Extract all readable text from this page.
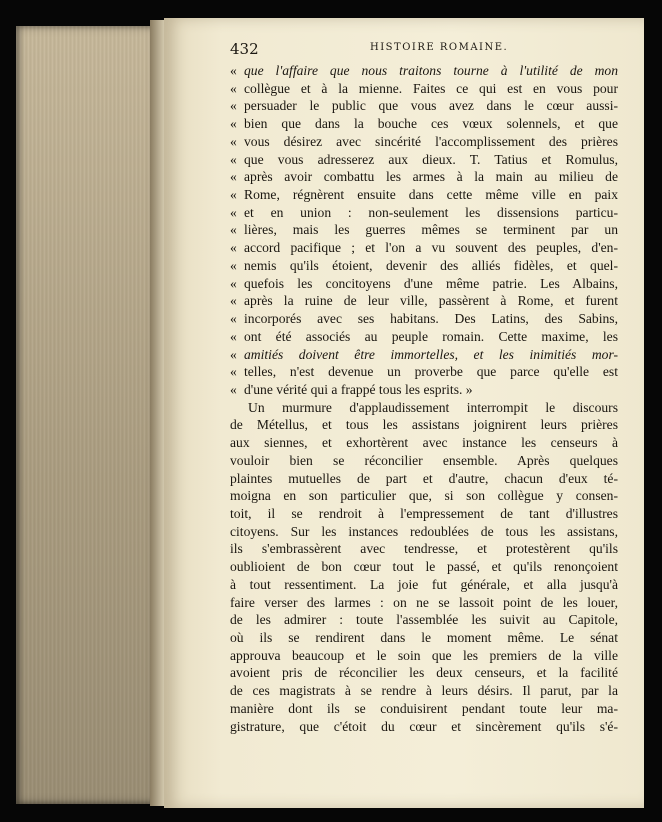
432	HISTOIRE ROMAINE.
« que l'affaire que nous traitons tourne à l'utilité de mon
« collègue et à la mienne. Faites ce qui est en vous pour
« persuader le public que vous avez dans le cœur aussi-
« bien que dans la bouche ces vœux solennels, et que
« vous désirez avec sincérité l'accomplissement des prières
« que vous adresserez aux dieux. T. Tatius et Romulus,
« après avoir combattu les armes à la main au milieu de
« Rome, régnèrent ensuite dans cette même ville en paix
« et en union : non-seulement les dissensions particu-
« lières, mais les guerres mêmes se terminent par un
« accord pacifique ; et l'on a vu souvent des peuples, d'en-
« nemis qu'ils étoient, devenir des alliés fidèles, et quel-
« quefois les concitoyens d'une même patrie. Les Albains,
« après la ruine de leur ville, passèrent à Rome, et furent
« incorporés avec ses habitans. Des Latins, des Sabins,
« ont été associés au peuple romain. Cette maxime, les
« amitiés doivent être immortelles, et les inimitiés mor-
« telles, n'est devenue un proverbe que parce qu'elle est
« d'une vérité qui a frappé tous les esprits. »
Un murmure d'applaudissement interrompit le discours
de Métellus, et tous les assistans joignirent leurs prières
aux siennes, et exhortèrent avec instance les censeurs à
vouloir bien se réconcilier ensemble. Après quelques
plaintes mutuelles de part et d'autre, chacun d'eux té-
moigna en son particulier que, si son collègue y consen-
toit, il se rendroit à l'empressement de tant d'illustres
citoyens. Sur les instances redoublées de tous les assistans,
ils s'embrassèrent avec tendresse, et protestèrent qu'ils
oublioient de bon cœur tout le passé, et qu'ils renonçoient
à tout ressentiment. La joie fut générale, et alla jusqu'à
faire verser des larmes : on ne se lassoit point de les louer,
de les admirer : toute l'assemblée les suivit au Capitole,
où ils se rendirent dans le moment même. Le sénat
approuva beaucoup et le soin que les premiers de la ville
avoient pris de réconcilier les deux censeurs, et la facilité
de ces magistrats à se rendre à leurs désirs. Il parut, par la
manière dont ils se conduisirent pendant toute leur ma-
gistrature, que c'étoit du cœur et sincèrement qu'ils s'é-
